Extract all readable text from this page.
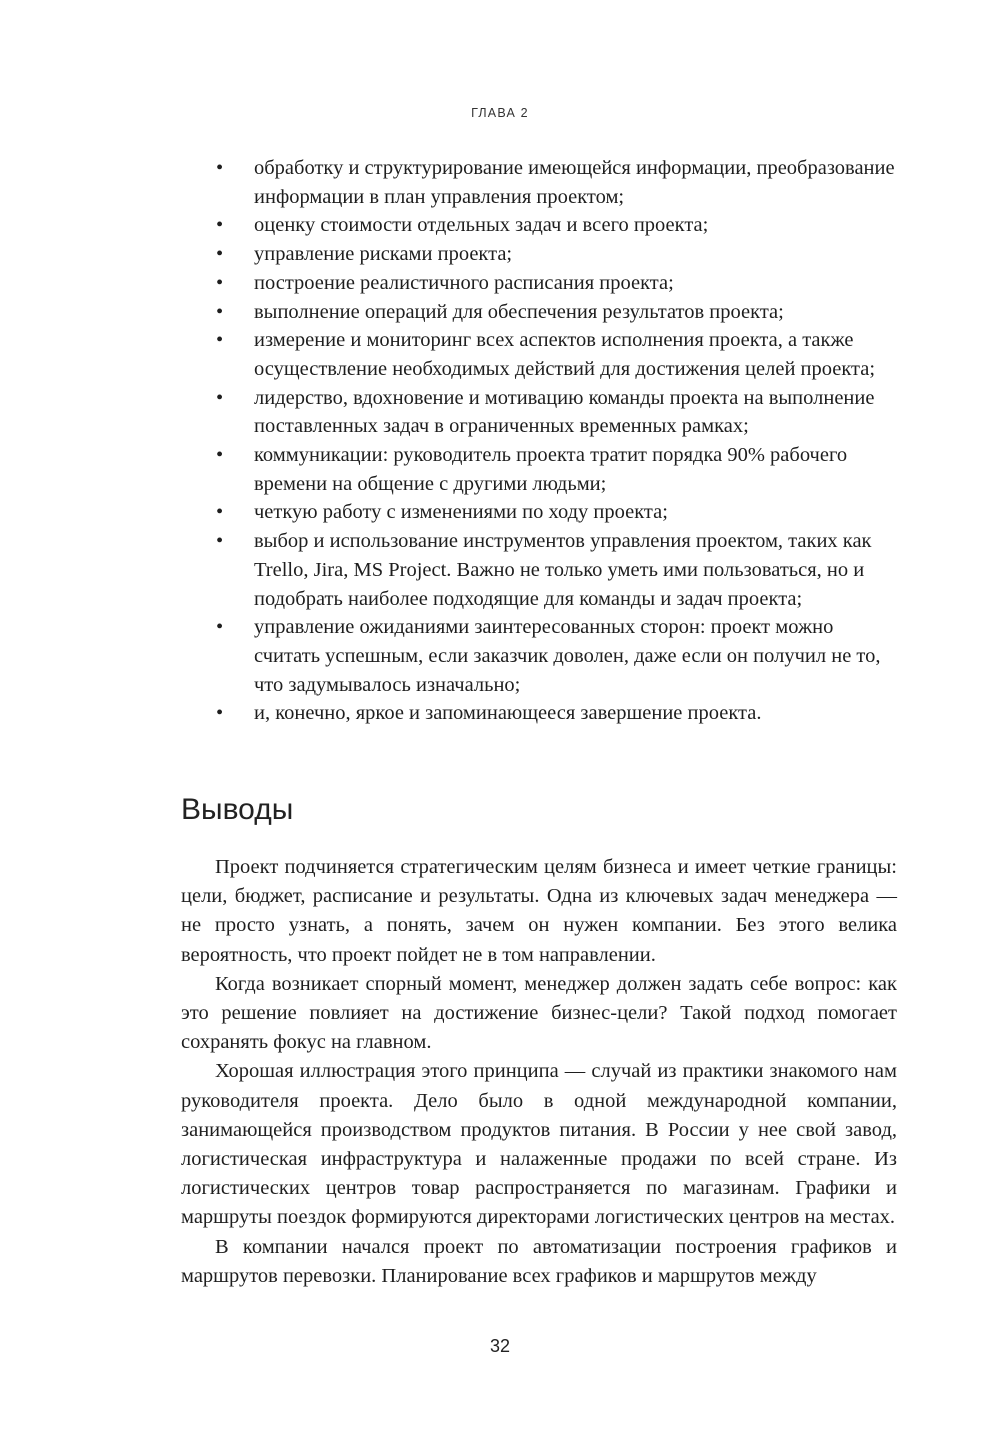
ГЛАВА 2
• обработку и структурирование имеющейся информации, преобразование информации в план управления проектом;
• оценку стоимости отдельных задач и всего проекта;
• управление рисками проекта;
• построение реалистичного расписания проекта;
• выполнение операций для обеспечения результатов проекта;
• измерение и мониторинг всех аспектов исполнения проекта, а также осуществление необходимых действий для достижения целей проекта;
• лидерство, вдохновение и мотивацию команды проекта на выполнение поставленных задач в ограниченных временных рамках;
• коммуникации: руководитель проекта тратит порядка 90% рабочего времени на общение с другими людьми;
• четкую работу с изменениями по ходу проекта;
• выбор и использование инструментов управления проектом, таких как Trello, Jira, MS Project. Важно не только уметь ими пользоваться, но и подобрать наиболее подходящие для команды и задач проекта;
• управление ожиданиями заинтересованных сторон: проект можно считать успешным, если заказчик доволен, даже если он получил не то, что задумывалось изначально;
• и, конечно, яркое и запоминающееся завершение проекта.
Выводы

Проект подчиняется стратегическим целям бизнеса и имеет четкие границы: цели, бюджет, расписание и результаты. Одна из ключевых задач менеджера — не просто узнать, а понять, зачем он нужен компании. Без этого велика вероятность, что проект пойдет не в том направлении.

Когда возникает спорный момент, менеджер должен задать себе вопрос: как это решение повлияет на достижение бизнес-цели? Такой подход помогает сохранять фокус на главном.

Хорошая иллюстрация этого принципа — случай из практики знакомого нам руководителя проекта. Дело было в одной международной компании, занимающейся производством продуктов питания. В России у нее свой завод, логистическая инфраструктура и налаженные продажи по всей стране. Из логистических центров товар распространяется по магазинам. Графики и маршруты поездок формируются директорами логистических центров на местах.

В компании начался проект по автоматизации построения графиков и маршрутов перевозки. Планирование всех графиков и маршрутов между

32
